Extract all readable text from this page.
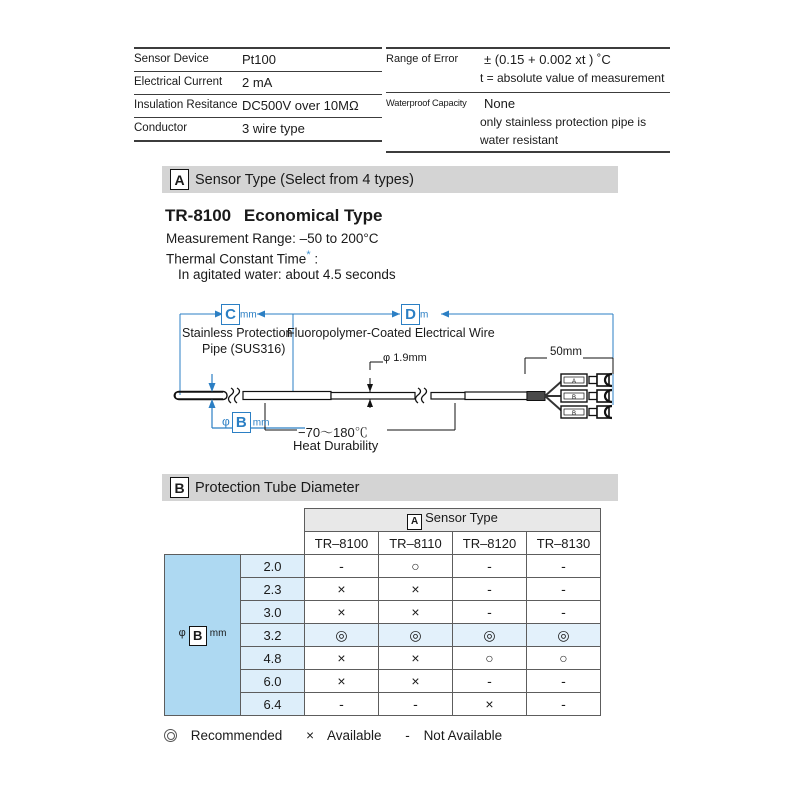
Sensor Device	Pt100
Electrical Current	2 mA
Insulation Resitance DC500V over 10MΩ
Conductor	3 wire type
Range of Error	± (0.15 + 0.002 xt ) ˚C
t = absolute value of measurement
Waterproof Capacity	None
only stainless protection pipe is
water resistant
A Sensor Type (Select from 4 types)
TR-8100 Economical Type
Measurement Range: –50 to 200°C
Thermal Constant Time* :
In agitated water: about 4.5 seconds
A
B
B
C mm	D m
Stainless Protection
Pipe (SUS316)
Fluoropolymer-Coated Electrical Wire
50mm
φ 1.9mm
φ B mm
−70～180℃
Heat Durability
B Protection Tube Diameter
		A Sensor Type			
		TR–8100	TR–8110	TR–8120	TR–8130
φ B mm	2.0	-	○	-	-
	2.3	×	×	-	-
	3.0	×	×	-	-
	3.2	◎	◎	◎	◎
	4.8	×	×	○	○
	6.0	×	×	-	-
	6.4	-	-	×	-
Recommended × Available - Not Available
